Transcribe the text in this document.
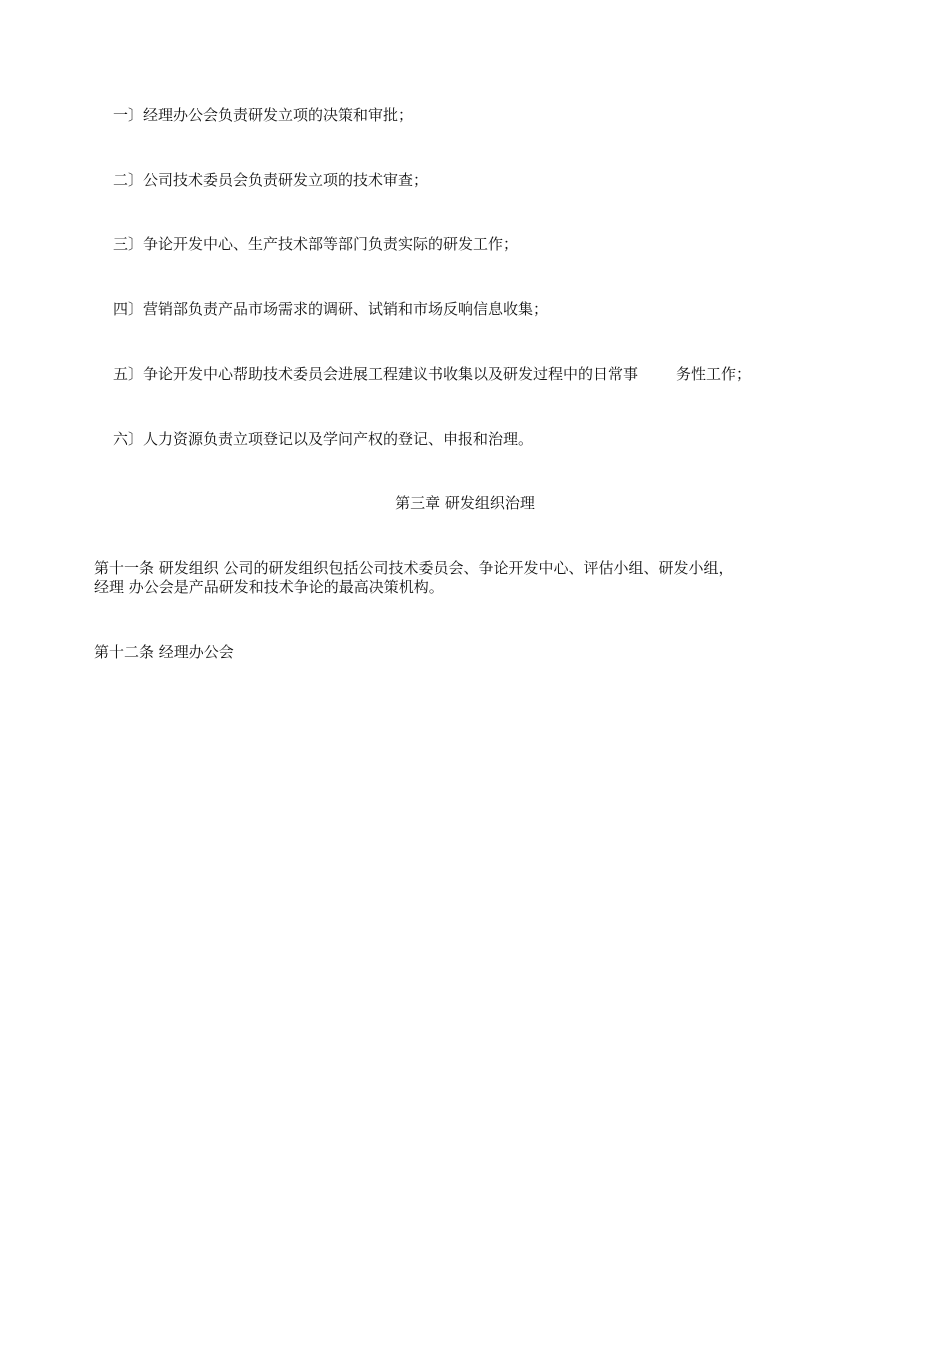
一〕经理办公会负责研发立项的决策和审批；
二〕公司技术委员会负责研发立项的技术审查；
三〕争论开发中心、生产技术部等部门负责实际的研发工作；
四〕营销部负责产品市场需求的调研、试销和市场反响信息收集；
五〕争论开发中心帮助技术委员会进展工程建议书收集以及研发过程中的日常事	务性工作；
六〕人力资源负责立项登记以及学问产权的登记、申报和治理。
第三章 研发组织治理
第十一条 研发组织 公司的研发组织包括公司技术委员会、争论开发中心、评估小组、研发小组，
经理 办公会是产品研发和技术争论的最高决策机构。
第十二条 经理办公会
